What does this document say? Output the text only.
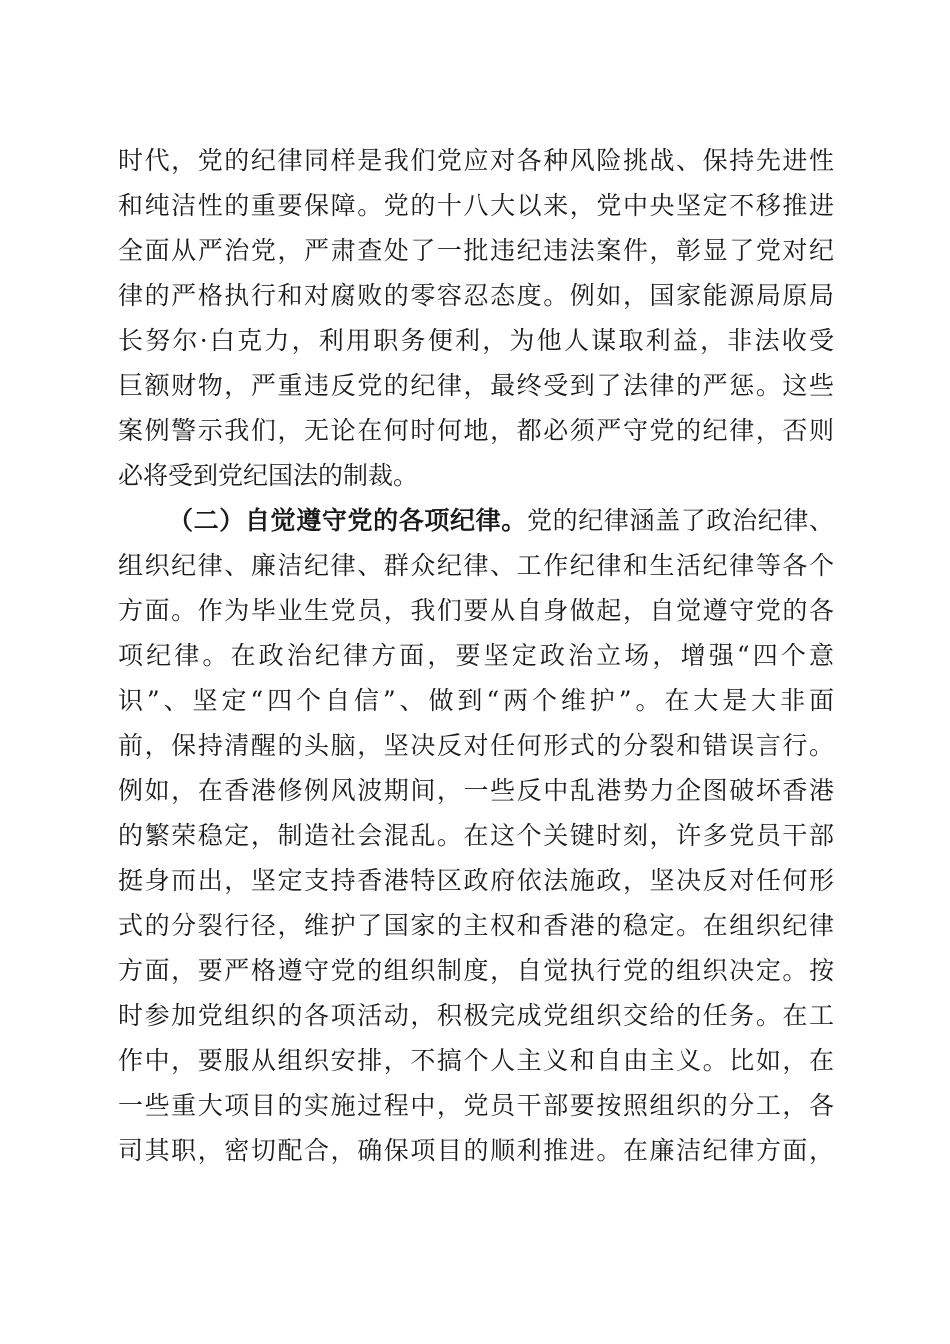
时代，党的纪律同样是我们党应对各种风险挑战、保持先进性
和纯洁性的重要保障。党的十八大以来，党中央坚定不移推进
全面从严治党，严肃查处了一批违纪违法案件，彰显了党对纪
律的严格执行和对腐败的零容忍态度。例如，国家能源局原局
长努尔·白克力，利用职务便利，为他人谋取利益，非法收受
巨额财物，严重违反党的纪律，最终受到了法律的严惩。这些
案例警示我们，无论在何时何地，都必须严守党的纪律，否则
必将受到党纪国法的制裁。
（二）自觉遵守党的各项纪律。党的纪律涵盖了政治纪律、
组织纪律、廉洁纪律、群众纪律、工作纪律和生活纪律等各个
方面。作为毕业生党员，我们要从自身做起，自觉遵守党的各
项纪律。在政治纪律方面，要坚定政治立场，增强“四个意
识”、坚定“四个自信”、做到“两个维护”。在大是大非面
前，保持清醒的头脑，坚决反对任何形式的分裂和错误言行。
例如，在香港修例风波期间，一些反中乱港势力企图破坏香港
的繁荣稳定，制造社会混乱。在这个关键时刻，许多党员干部
挺身而出，坚定支持香港特区政府依法施政，坚决反对任何形
式的分裂行径，维护了国家的主权和香港的稳定。在组织纪律
方面，要严格遵守党的组织制度，自觉执行党的组织决定。按
时参加党组织的各项活动，积极完成党组织交给的任务。在工
作中，要服从组织安排，不搞个人主义和自由主义。比如，在
一些重大项目的实施过程中，党员干部要按照组织的分工，各
司其职，密切配合，确保项目的顺利推进。在廉洁纪律方面，
